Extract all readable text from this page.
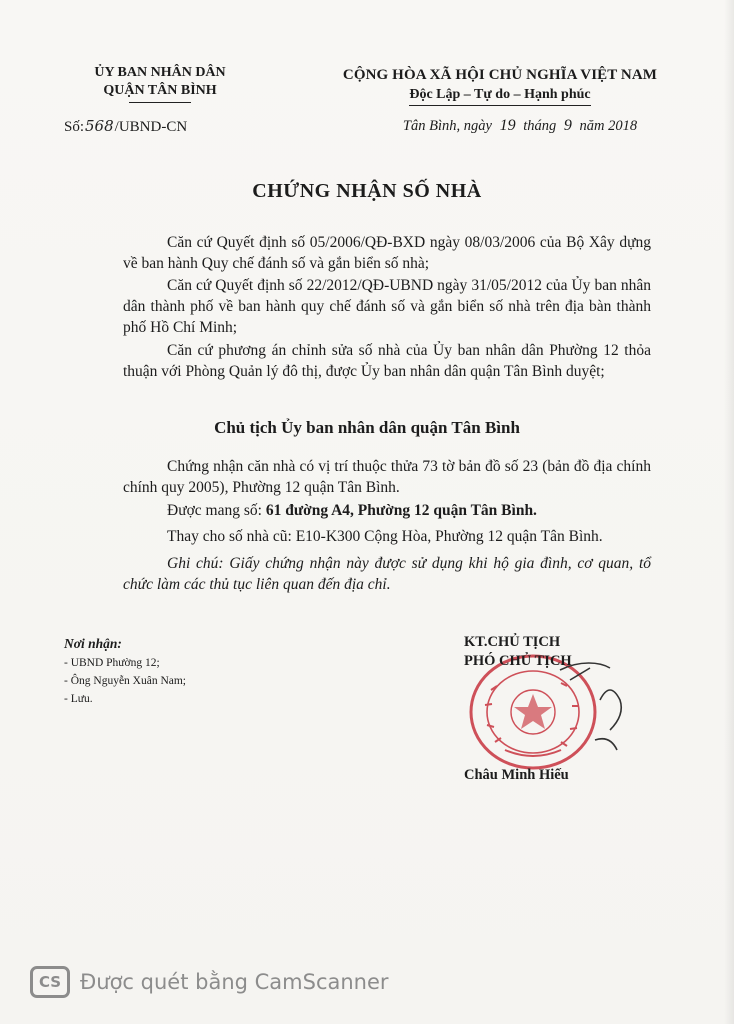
ỦY BAN NHÂN DÂN
QUẬN TÂN BÌNH
Số:568/UBND-CN
CỘNG HÒA XÃ HỘI CHỦ NGHĨA VIỆT NAM
Độc Lập – Tự do – Hạnh phúc
Tân Bình, ngày 19 tháng 9 năm 2018
CHỨNG NHẬN SỐ NHÀ
Căn cứ Quyết định số 05/2006/QĐ-BXD ngày 08/03/2006 của Bộ Xây dựng về ban hành Quy chế đánh số và gắn biển số nhà;
Căn cứ Quyết định số 22/2012/QĐ-UBND ngày 31/05/2012 của Ủy ban nhân dân thành phố về ban hành quy chế đánh số và gắn biển số nhà trên địa bàn thành phố Hồ Chí Minh;
Căn cứ phương án chỉnh sửa số nhà của Ủy ban nhân dân Phường 12 thỏa thuận với Phòng Quản lý đô thị, được Ủy ban nhân dân quận Tân Bình duyệt;
Chủ tịch Ủy ban nhân dân quận Tân Bình
Chứng nhận căn nhà có vị trí thuộc thửa 73 tờ bản đồ số 23 (bản đồ địa chính chính quy 2005), Phường 12 quận Tân Bình.
Được mang số: 61 đường A4, Phường 12 quận Tân Bình.
Thay cho số nhà cũ: E10-K300 Cộng Hòa, Phường 12 quận Tân Bình.
Ghi chú: Giấy chứng nhận này được sử dụng khi hộ gia đình, cơ quan, tổ chức làm các thủ tục liên quan đến địa chỉ.
Nơi nhận:
- UBND Phường 12;
- Ông Nguyễn Xuân Nam;
- Lưu.
KT.CHỦ TỊCH
PHÓ CHỦ TỊCH
Châu Minh Hiếu
CS Được quét bằng CamScanner
